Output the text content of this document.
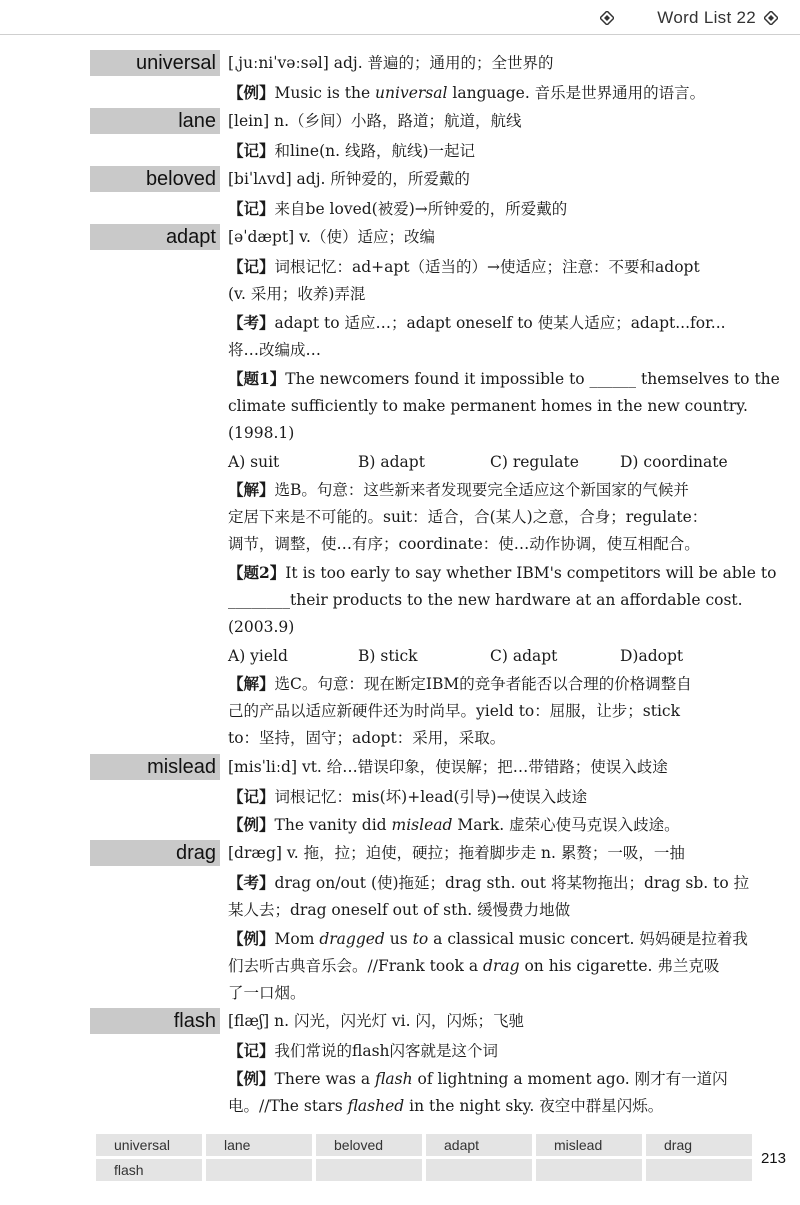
Word List 22
universal [ˌjuːniˈvəːsəl] adj. 普遍的；通用的；全世界的
【例】Music is the universal language. 音乐是世界通用的语言。
lane [lein] n.（乡间）小路，路道；航道，航线
【记】和line(n. 线路，航线)一起记
beloved [biˈlʌvd] adj. 所钟爱的，所爱戴的
【记】来自be loved(被爱)→所钟爱的，所爱戴的
adapt [əˈdæpt] v.（使）适应；改编
【记】词根记忆：ad+apt（适当的）→使适应；注意：不要和adopt
(v. 采用；收养)弄混
【考】adapt to 适应…；adapt oneself to 使某人适应；adapt...for...
将…改编成…
【题1】The newcomers found it impossible to ______ themselves to the
climate sufficiently to make permanent homes in the new country.
(1998.1)
A) suit	B) adapt	C) regulate	D) coordinate
【解】选B。句意：这些新来者发现要完全适应这个新国家的气候并
定居下来是不可能的。suit：适合，合(某人)之意，合身；regulate：
调节，调整，使…有序；coordinate：使…动作协调，使互相配合。
【题2】It is too early to say whether IBM's competitors will be able to
________their products to the new hardware at an affordable cost.
(2003.9)
A) yield	B) stick	C) adapt	D)adopt
【解】选C。句意：现在断定IBM的竞争者能否以合理的价格调整自
己的产品以适应新硬件还为时尚早。yield to：屈服，让步；stick
to：坚持，固守；adopt：采用，采取。
mislead [misˈliːd] vt. 给…错误印象，使误解；把…带错路；使误入歧途
【记】词根记忆：mis(坏)+lead(引导)→使误入歧途
【例】The vanity did mislead Mark. 虚荣心使马克误入歧途。
drag [dræg] v. 拖，拉；迫使，硬拉；拖着脚步走 n. 累赘；一吸，一抽
【考】drag on/out (使)拖延；drag sth. out 将某物拖出；drag sb. to 拉
某人去；drag oneself out of sth. 缓慢费力地做
【例】Mom dragged us to a classical music concert. 妈妈硬是拉着我
们去听古典音乐会。//Frank took a drag on his cigarette. 弗兰克吸
了一口烟。
flash [flæʃ] n. 闪光，闪光灯 vi. 闪，闪烁；飞驰
【记】我们常说的flash闪客就是这个词
【例】There was a flash of lightning a moment ago. 刚才有一道闪
电。//The stars flashed in the night sky. 夜空中群星闪烁。
universal	lane	beloved	adapt	mislead	drag
flash
213
